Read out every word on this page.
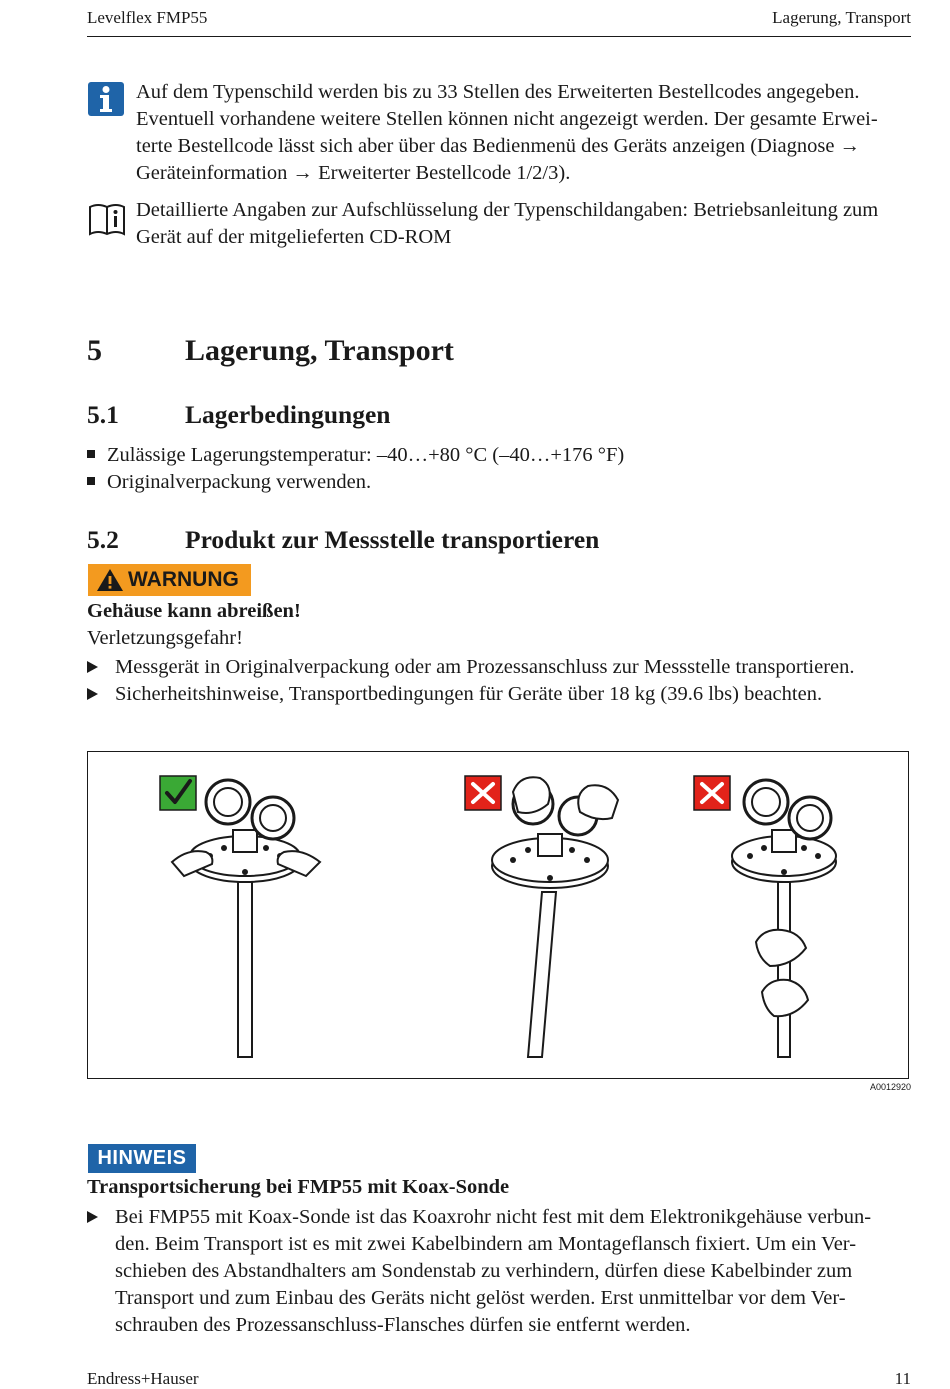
Levelflex FMP55	Lagerung, Transport
Auf dem Typenschild werden bis zu 33 Stellen des Erweiterten Bestellcodes angegeben.
Eventuell vorhandene weitere Stellen können nicht angezeigt werden. Der gesamte Erwei-
terte Bestellcode lässt sich aber über das Bedienmenü des Geräts anzeigen (Diagnose →
Geräteinformation → Erweiterter Bestellcode 1/2/3).
Detaillierte Angaben zur Aufschlüsselung der Typenschildangaben: Betriebsanleitung zum
Gerät auf der mitgelieferten CD-ROM
5	Lagerung, Transport
5.1	Lagerbedingungen
Zulässige Lagerungstemperatur: –40…+80 °C (–40…+176 °F)
Originalverpackung verwenden.
5.2	Produkt zur Messstelle transportieren
WARNUNG
Gehäuse kann abreißen!
Verletzungsgefahr!
Messgerät in Originalverpackung oder am Prozessanschluss zur Messstelle transportieren.
Sicherheitshinweise, Transportbedingungen für Geräte über 18 kg (39.6 lbs) beachten.
A0012920
HINWEIS
Transportsicherung bei FMP55 mit Koax-Sonde
Bei FMP55 mit Koax-Sonde ist das Koaxrohr nicht fest mit dem Elektronikgehäuse verbun-
den. Beim Transport ist es mit zwei Kabelbindern am Montageflansch fixiert. Um ein Ver-
schieben des Abstandhalters am Sondenstab zu verhindern, dürfen diese Kabelbinder zum
Transport und zum Einbau des Geräts nicht gelöst werden. Erst unmittelbar vor dem Ver-
schrauben des Prozessanschluss-Flansches dürfen sie entfernt werden.
Endress+Hauser	11
